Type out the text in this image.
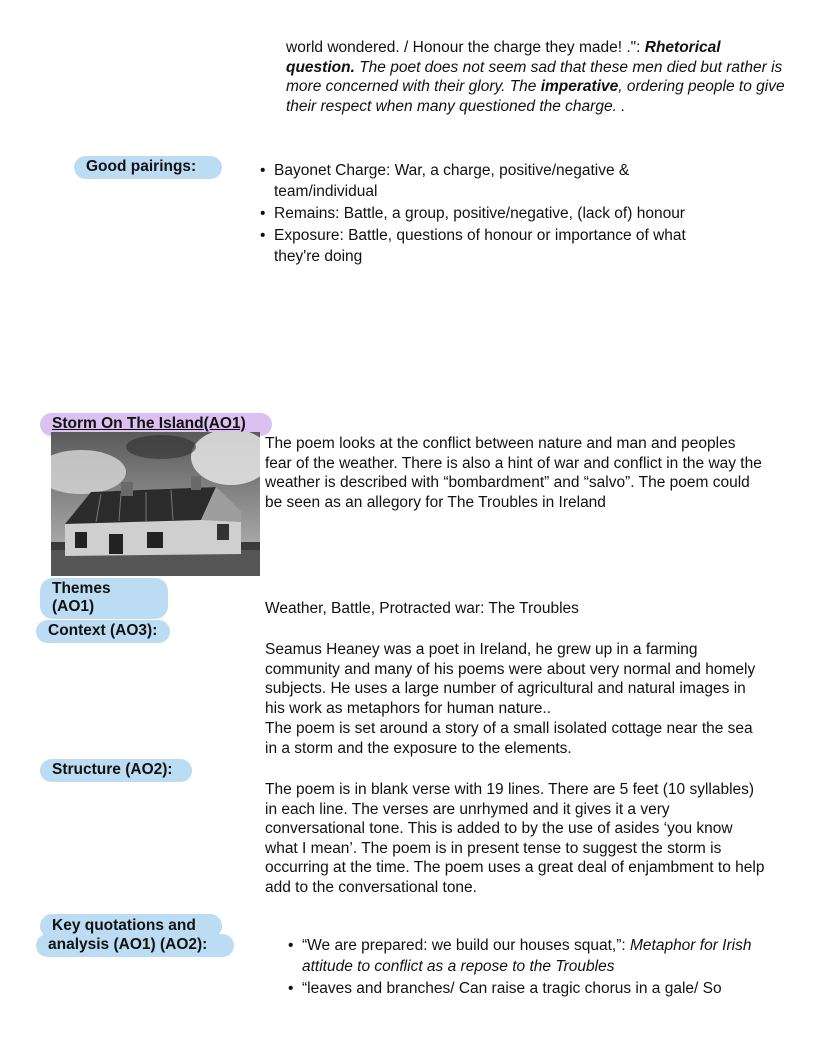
world wondered. / Honour the charge they made! .": Rhetorical question. The poet does not seem sad that these men died but rather is more concerned with their glory. The imperative, ordering people to give their respect when many questioned the charge. .
Good pairings:	• Bayonet Charge: War, a charge, positive/negative & team/individual
• Remains: Battle, a group, positive/negative, (lack of) honour
• Exposure: Battle, questions of honour or importance of what they're doing
Storm On The Island(AO1)
The poem looks at the conflict between nature and man and peoples fear of the weather. There is also a hint of war and conflict in the way the weather is described with “bombardment” and “salvo”. The poem could be seen as an allegory for The Troubles in Ireland
Themes (AO1)	Weather, Battle, Protracted war: The Troubles
Context (AO3):
Seamus Heaney was a poet in Ireland, he grew up in a farming community and many of his poems were about very normal and homely subjects. He uses a large number of agricultural and natural images in his work as metaphors for human nature..
The poem is set around a story of a small isolated cottage near the sea in a storm and the exposure to the elements.
Structure (AO2):
The poem is in blank verse with 19 lines. There are 5 feet (10 syllables) in each line. The verses are unrhymed and it gives it a very conversational tone. This is added to by the use of asides ‘you know what I mean’. The poem is in present tense to suggest the storm is occurring at the time. The poem uses a great deal of enjambment to help add to the conversational tone.
Key quotations and
analysis (AO1) (AO2):	• “We are prepared: we build our houses squat,”: Metaphor for Irish attitude to conflict as a repose to the Troubles
• “leaves and branches/ Can raise a tragic chorus in a gale/ So
